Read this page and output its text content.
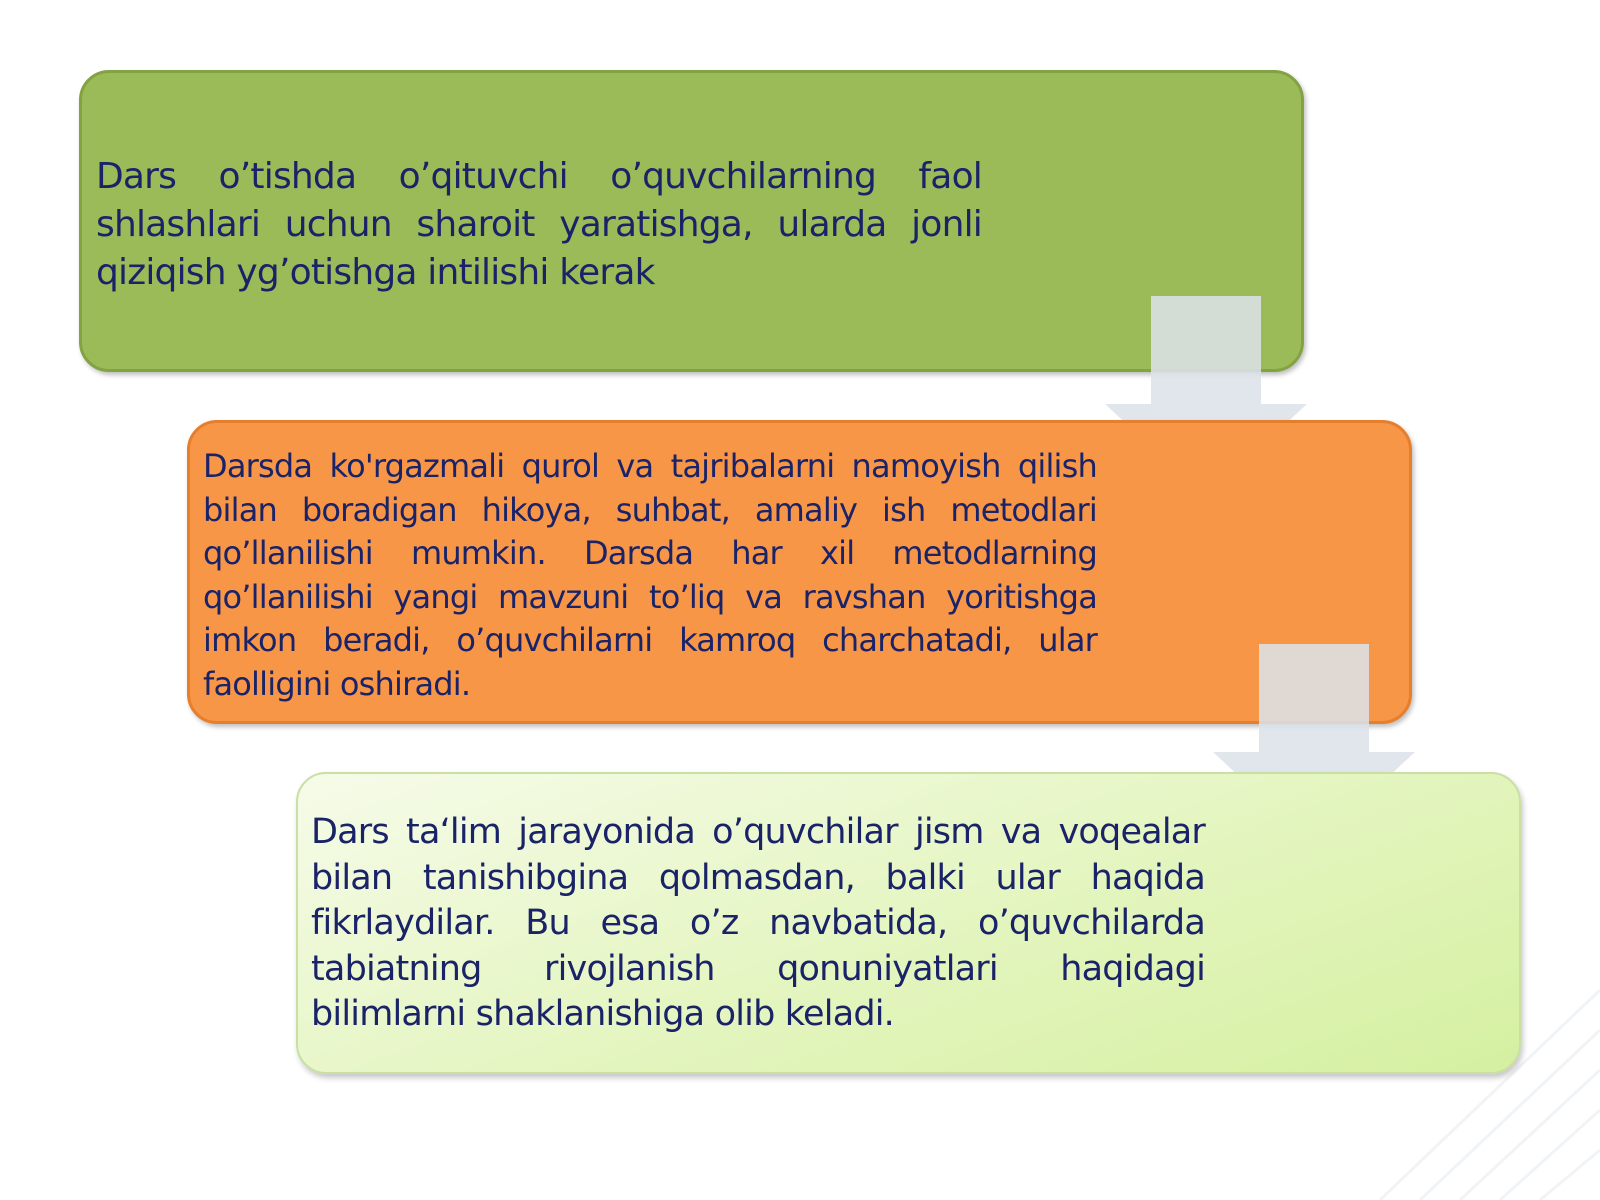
Dars o’tishda o’qituvchi o’quvchilarning faol shlashlari uchun sharoit yaratishga, ularda jonli qiziqish yg’otishga intilishi kerak

Darsda ko'rgazmali qurol va tajribalarni namoyish qilish bilan boradigan hikoya, suhbat, amaliy ish metodlari qo’llanilishi mumkin. Darsda har xil metodlarning qo’llanilishi yangi mavzuni to’liq va ravshan yoritishga imkon beradi, o’quvchilarni kamroq charchatadi, ular faolligini oshiradi.

Dars taʻlim jarayonida o’quvchilar jism va voqealar bilan tanishibgina qolmasdan, balki ular haqida fikrlaydilar. Bu esa o’z navbatida, o’quvchilarda tabiatning rivojlanish qonuniyatlari haqidagi bilimlarni shaklanishiga olib keladi.
